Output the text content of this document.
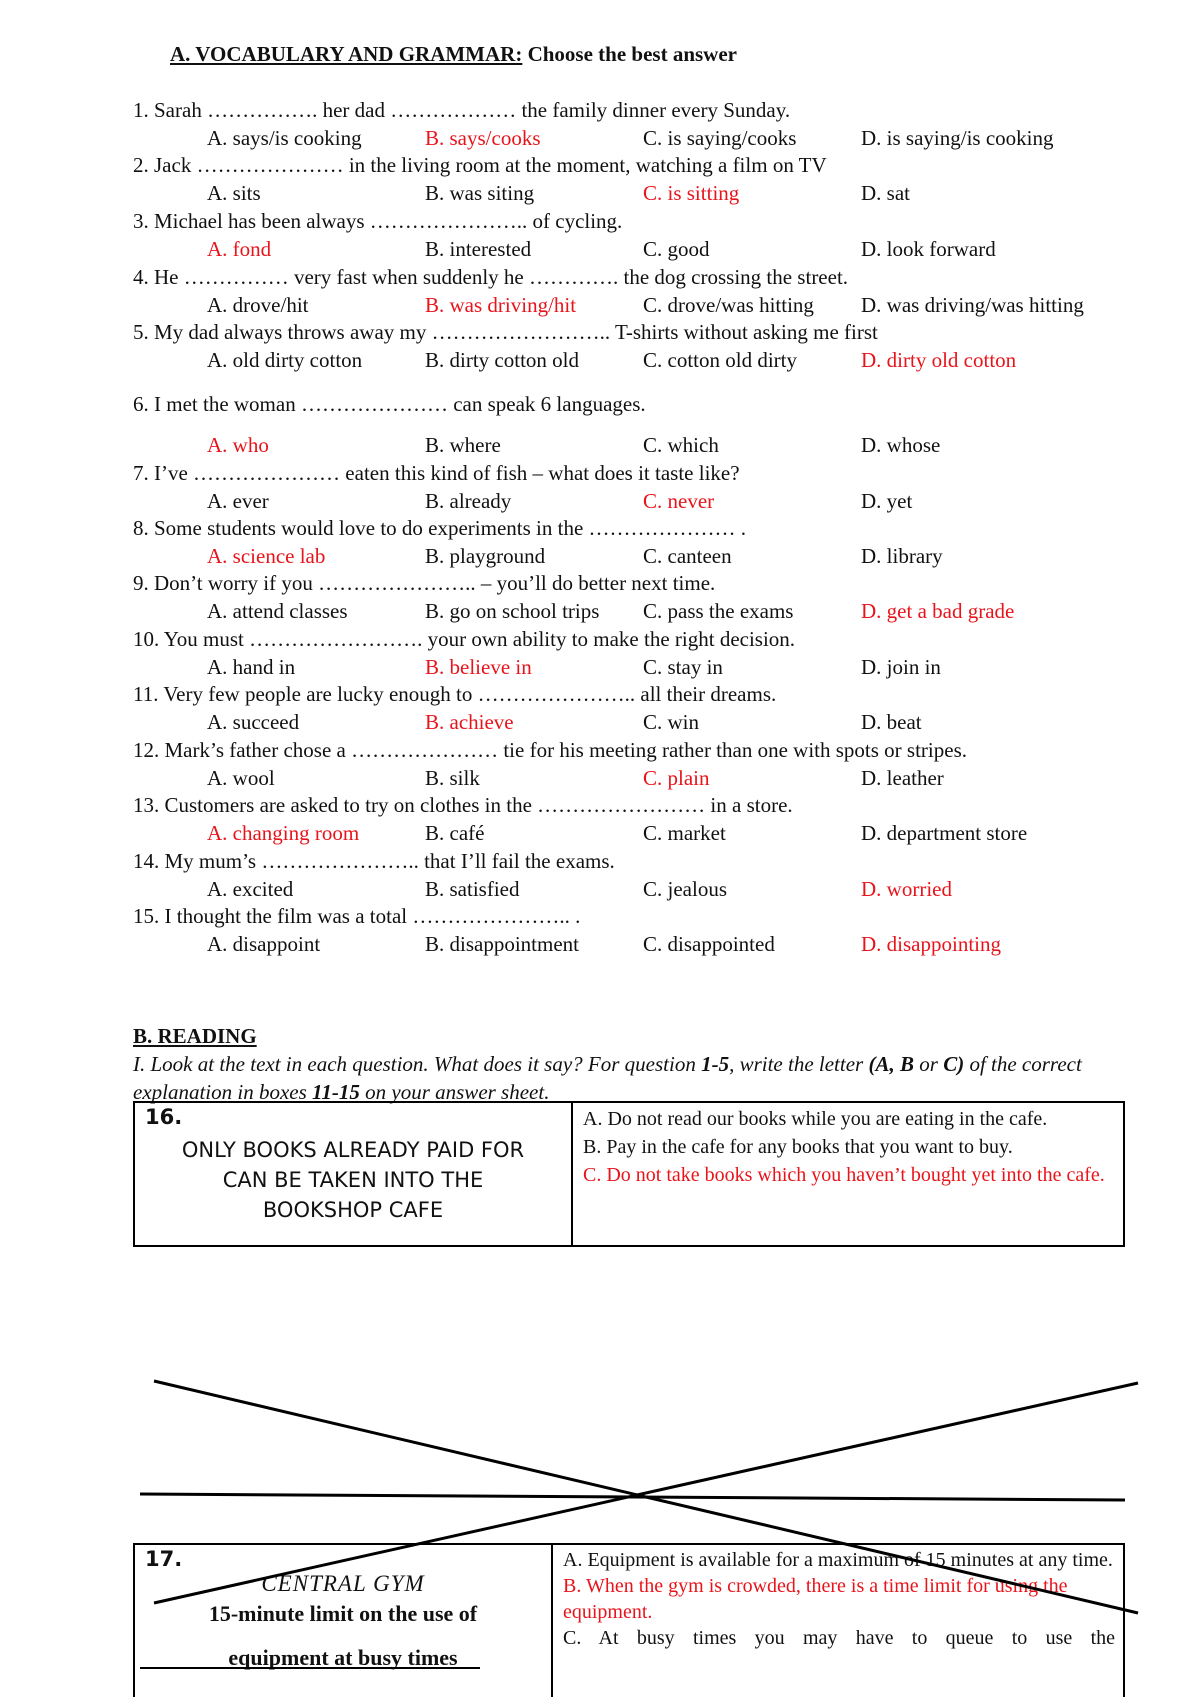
A. VOCABULARY AND GRAMMAR: Choose the best answer
1. Sarah ……………. her dad ……………… the family dinner every Sunday.
A. says/is cooking	B. says/cooks	C. is saying/cooks	D. is saying/is cooking
2. Jack ………………… in the living room at the moment, watching a film on TV
A. sits	B. was siting	C. is sitting	D. sat
3. Michael has been always ………………….. of cycling.
A. fond	B. interested	C. good	D. look forward
4. He …………… very fast when suddenly he …………. the dog crossing the street.
A. drove/hit	B. was driving/hit	C. drove/was hitting D. was driving/was hitting
5. My dad always throws away my …………………….. T-shirts without asking me first
A. old dirty cotton	B. dirty cotton old	C. cotton old dirty	D. dirty old cotton
6. I met the woman ………………… can speak 6 languages.
A. who	B. where	C. which	D. whose
7. I’ve ………………… eaten this kind of fish – what does it taste like?
A. ever	B. already	C. never	D. yet
8. Some students would love to do experiments in the ………………… .
A. science lab	B. playground	C. canteen	D. library
9. Don’t worry if you ………………….. – you’ll do better next time.
A. attend classes	B. go on school trips C. pass the exams	D. get a bad grade
10. You must ……………………. your own ability to make the right decision.
A. hand in	B. believe in	C. stay in	D. join in
11. Very few people are lucky enough to ………………….. all their dreams.
A. succeed	B. achieve	C. win	D. beat
12. Mark’s father chose a ………………… tie for his meeting rather than one with spots or stripes.
A. wool	B. silk	C. plain	D. leather
13. Customers are asked to try on clothes in the …………………… in a store.
A. changing room	B. café	C. market	D. department store
14. My mum’s ………………….. that I’ll fail the exams.
A. excited	B. satisfied	C. jealous	D. worried
15. I thought the film was a total ………………….. .
A. disappoint	B. disappointment	C. disappointed	D. disappointing
B. READING
I. Look at the text in each question. What does it say? For question 1-5, write the letter (A, B or C) of the correct explanation in boxes 11-15 on your answer sheet.
16.
ONLY BOOKS ALREADY PAID FOR
CAN BE TAKEN INTO THE
BOOKSHOP CAFE
A. Do not read our books while you are eating in the cafe.
B. Pay in the cafe for any books that you want to buy.
C. Do not take books which you haven’t bought yet into the cafe.
17.
CENTRAL GYM
15-minute limit on the use of
equipment at busy times
A. Equipment is available for a maximum of 15 minutes at any time.
B. When the gym is crowded, there is a time limit for using the equipment.
C. At busy times you may have to queue to use the
